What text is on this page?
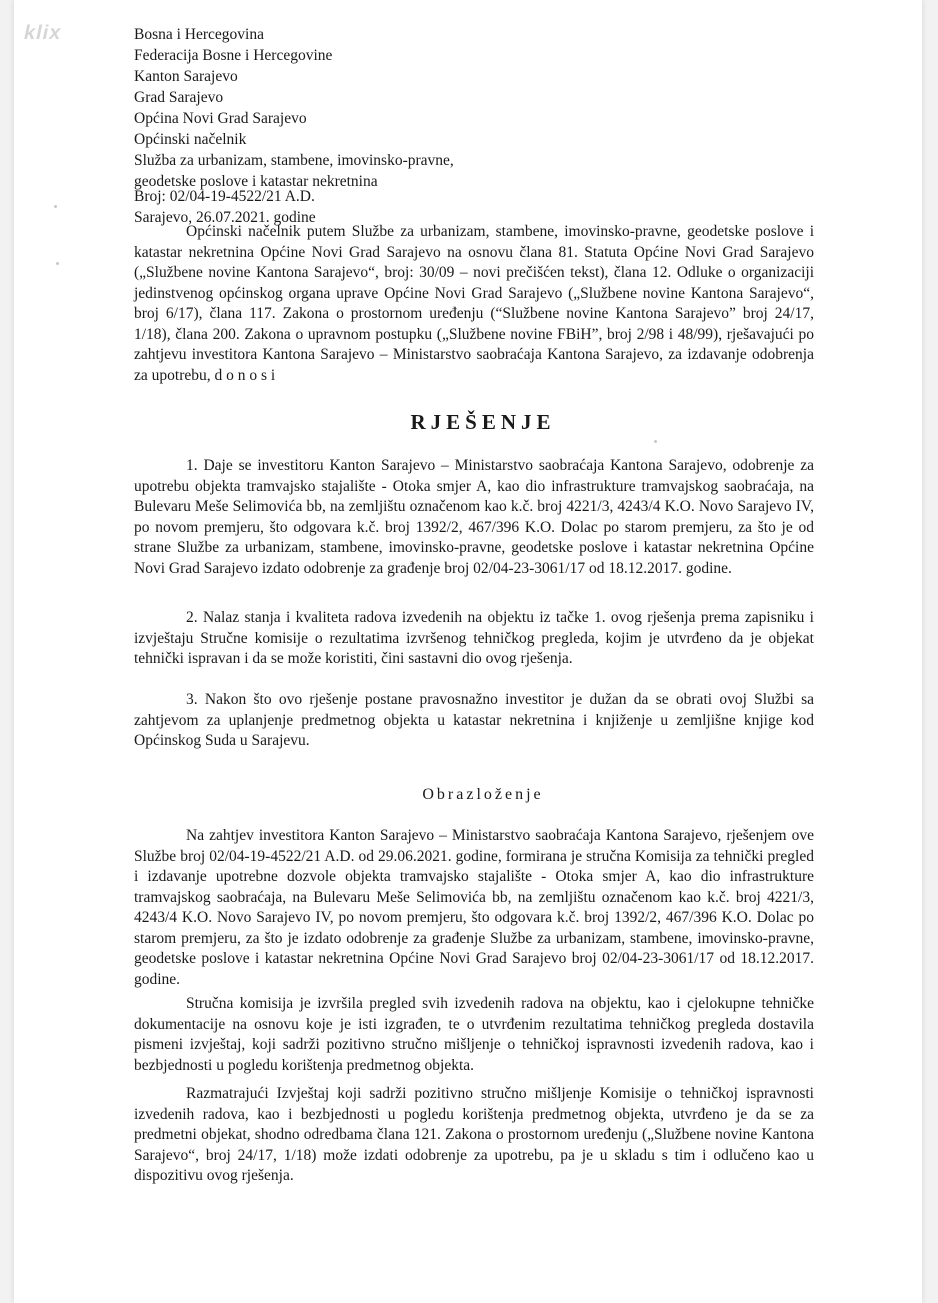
klix	Bosna i Hercegovina
Federacija Bosne i Hercegovine
Kanton Sarajevo
Grad Sarajevo
Općina Novi Grad Sarajevo
Općinski načelnik
Služba za urbanizam, stambene, imovinsko-pravne,
geodetske poslove i katastar nekretnina
Broj: 02/04-19-4522/21 A.D.
Sarajevo, 26.07.2021. godine

Općinski načelnik putem Službe za urbanizam, stambene, imovinsko-pravne, geodetske poslove i katastar nekretnina Općine Novi Grad Sarajevo na osnovu člana 81. Statuta Općine Novi Grad Sarajevo („Službene novine Kantona Sarajevo“, broj: 30/09 – novi prečišćen tekst), člana 12. Odluke o organizaciji jedinstvenog općinskog organa uprave Općine Novi Grad Sarajevo („Službene novine Kantona Sarajevo“, broj 6/17), člana 117. Zakona o prostornom uređenju (“Službene novine Kantona Sarajevo” broj 24/17, 1/18), člana 200. Zakona o upravnom postupku („Službene novine FBiH”, broj 2/98 i 48/99), rješavajući po zahtjevu investitora Kantona Sarajevo – Ministarstvo saobraćaja Kantona Sarajevo, za izdavanje odobrenja za upotrebu, d o n o s i

RJEŠENJE

1. Daje se investitoru Kanton Sarajevo – Ministarstvo saobraćaja Kantona Sarajevo, odobrenje za upotrebu objekta tramvajsko stajalište - Otoka smjer A, kao dio infrastrukture tramvajskog saobraćaja, na Bulevaru Meše Selimovića bb, na zemljištu označenom kao k.č. broj 4221/3, 4243/4 K.O. Novo Sarajevo IV, po novom premjeru, što odgovara k.č. broj 1392/2, 467/396 K.O. Dolac po starom premjeru, za što je od strane Službe za urbanizam, stambene, imovinsko-pravne, geodetske poslove i katastar nekretnina Općine Novi Grad Sarajevo izdato odobrenje za građenje broj 02/04-23-3061/17 od 18.12.2017. godine.

2. Nalaz stanja i kvaliteta radova izvedenih na objektu iz tačke 1. ovog rješenja prema zapisniku i izvještaju Stručne komisije o rezultatima izvršenog tehničkog pregleda, kojim je utvrđeno da je objekat tehnički ispravan i da se može koristiti, čini sastavni dio ovog rješenja.

3. Nakon što ovo rješenje postane pravosnažno investitor je dužan da se obrati ovoj Službi sa zahtjevom za uplanjenje predmetnog objekta u katastar nekretnina i knjiženje u zemljišne knjige kod Općinskog Suda u Sarajevu.

Obrazloženje

Na zahtjev investitora Kanton Sarajevo – Ministarstvo saobraćaja Kantona Sarajevo, rješenjem ove Službe broj 02/04-19-4522/21 A.D. od 29.06.2021. godine, formirana je stručna Komisija za tehnički pregled i izdavanje upotrebne dozvole objekta tramvajsko stajalište - Otoka smjer A, kao dio infrastrukture tramvajskog saobraćaja, na Bulevaru Meše Selimovića bb, na zemljištu označenom kao k.č. broj 4221/3, 4243/4 K.O. Novo Sarajevo IV, po novom premjeru, što odgovara k.č. broj 1392/2, 467/396 K.O. Dolac po starom premjeru, za što je izdato odobrenje za građenje Službe za urbanizam, stambene, imovinsko-pravne, geodetske poslove i katastar nekretnina Općine Novi Grad Sarajevo broj 02/04-23-3061/17 od 18.12.2017. godine.

Stručna komisija je izvršila pregled svih izvedenih radova na objektu, kao i cjelokupne tehničke dokumentacije na osnovu koje je isti izgrađen, te o utvrđenim rezultatima tehničkog pregleda dostavila pismeni izvještaj, koji sadrži pozitivno stručno mišljenje o tehničkoj ispravnosti izvedenih radova, kao i bezbjednosti u pogledu korištenja predmetnog objekta.

Razmatrajući Izvještaj koji sadrži pozitivno stručno mišljenje Komisije o tehničkoj ispravnosti izvedenih radova, kao i bezbjednosti u pogledu korištenja predmetnog objekta, utvrđeno je da se za predmetni objekat, shodno odredbama člana 121. Zakona o prostornom uređenju („Službene novine Kantona Sarajevo“, broj 24/17, 1/18) može izdati odobrenje za upotrebu, pa je u skladu s tim i odlučeno kao u dispozitivu ovog rješenja.
